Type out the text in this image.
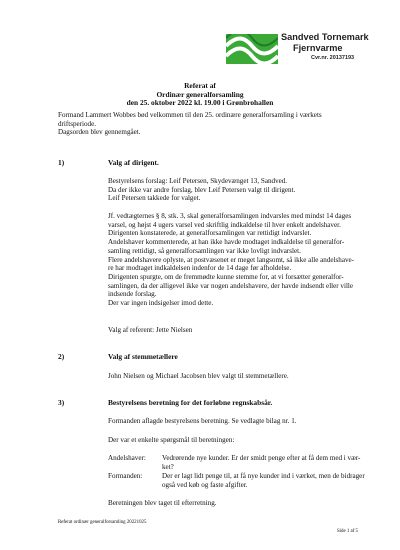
Sandved Tornemark
Fjernvarme
Cvr.nr. 20137193
Referat af
Ordinær generalforsamling
den 25. oktober 2022 kl. 19.00 i Grønbrohallen
Formand Lammert Wobbes bød velkommen til den 25. ordinære generalforsamling i værkets
driftsperiode.
Dagsorden blev gennemgået.
1)	Valg af dirigent.
Bestyrelsens forslag: Leif Petersen, Skydevænget 13, Sandved.
Da der ikke var andre forslag, blev Leif Petersen valgt til dirigent.
Leif Petersen takkede for valget.
Jf. vedtægternes § 8, stk. 3, skal generalforsamlingen indvarsles med mindst 14 dages
varsel, og højst 4 ugers varsel ved skriftlig indkaldelse til hver enkelt andelshaver.
Dirigenten konstaterede, at generalforsamlingen var rettidigt indvarslet.
Andelshaver kommenterede, at han ikke havde modtaget indkaldelse til generalfor-
samling rettidigt, så generalforsamlingen var ikke lovligt indvarslet.
Flere andelshavere oplyste, at postvæsenet er meget langsomt, så ikke alle andelshave-
re har modtaget indkaldelsen indenfor de 14 dage før afholdelse.
Dirigenten spurgte, om de fremmødte kunne stemme for, at vi forsætter generalfor-
samlingen, da der alligevel ikke var nogen andelshavere, der havde indsendt eller ville
indsende forslag.
Der var ingen indsigelser imod dette.
Valg af referent: Jette Nielsen
2)	Valg af stemmetællere
John Nielsen og Michael Jacobsen blev valgt til stemmetællere.
3)	Bestyrelsens beretning for det forløbne regnskabsår.
Formanden aflagde bestyrelsens beretning. Se vedlagte bilag nr. 1.
Der var et enkelte spørgsmål til beretningen:
Andelshaver: Vedrørende nye kunder. Er der smidt penge efter at få dem med i vær-
ket?
Formanden:	Der er lagt lidt penge til, at få nye kunder ind i værket, men de bidrager
også ved køb og faste afgifter.
Beretningen blev taget til efterretning.
Referat ordinær generalforsamling 20221025
Side 1 af 5
